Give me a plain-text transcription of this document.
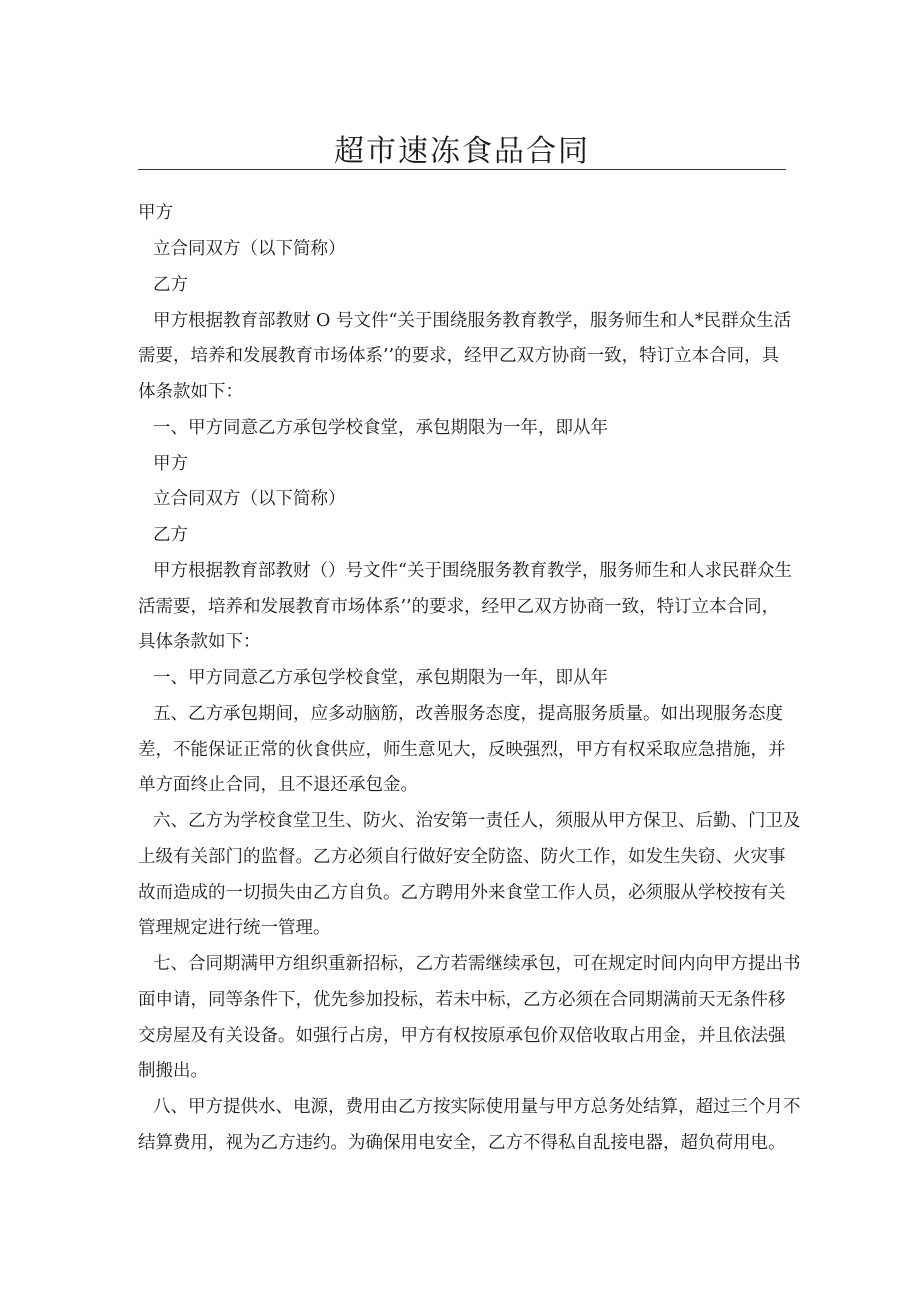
超市速冻食品合同
甲方
立合同双方（以下简称）
乙方
甲方根据教育部教财 O 号文件“关于围绕服务教育教学，服务师生和人*民群众生活
需要，培养和发展教育市场体系’’的要求，经甲乙双方协商一致，特订立本合同，具
体条款如下：
一、甲方同意乙方承包学校食堂，承包期限为一年，即从年
甲方
立合同双方（以下简称）
乙方
甲方根据教育部教财（）号文件“关于围绕服务教育教学，服务师生和人求民群众生
活需要，培养和发展教育市场体系’’的要求，经甲乙双方协商一致，特订立本合同，
具体条款如下：
一、甲方同意乙方承包学校食堂，承包期限为一年，即从年
五、乙方承包期间，应多动脑筋，改善服务态度，提高服务质量。如出现服务态度
差，不能保证正常的伙食供应，师生意见大，反映强烈，甲方有权采取应急措施，并
单方面终止合同，且不退还承包金。
六、乙方为学校食堂卫生、防火、治安第一责任人，须服从甲方保卫、后勤、门卫及
上级有关部门的监督。乙方必须自行做好安全防盗、防火工作，如发生失窃、火灾事
故而造成的一切损失由乙方自负。乙方聘用外来食堂工作人员，必须服从学校按有关
管理规定进行统一管理。
七、合同期满甲方组织重新招标，乙方若需继续承包，可在规定时间内向甲方提出书
面申请，同等条件下，优先参加投标，若未中标，乙方必须在合同期满前天无条件移
交房屋及有关设备。如强行占房，甲方有权按原承包价双倍收取占用金，并且依法强
制搬出。
八、甲方提供水、电源，费用由乙方按实际使用量与甲方总务处结算，超过三个月不
结算费用，视为乙方违约。为确保用电安全，乙方不得私自乱接电器，超负荷用电。
